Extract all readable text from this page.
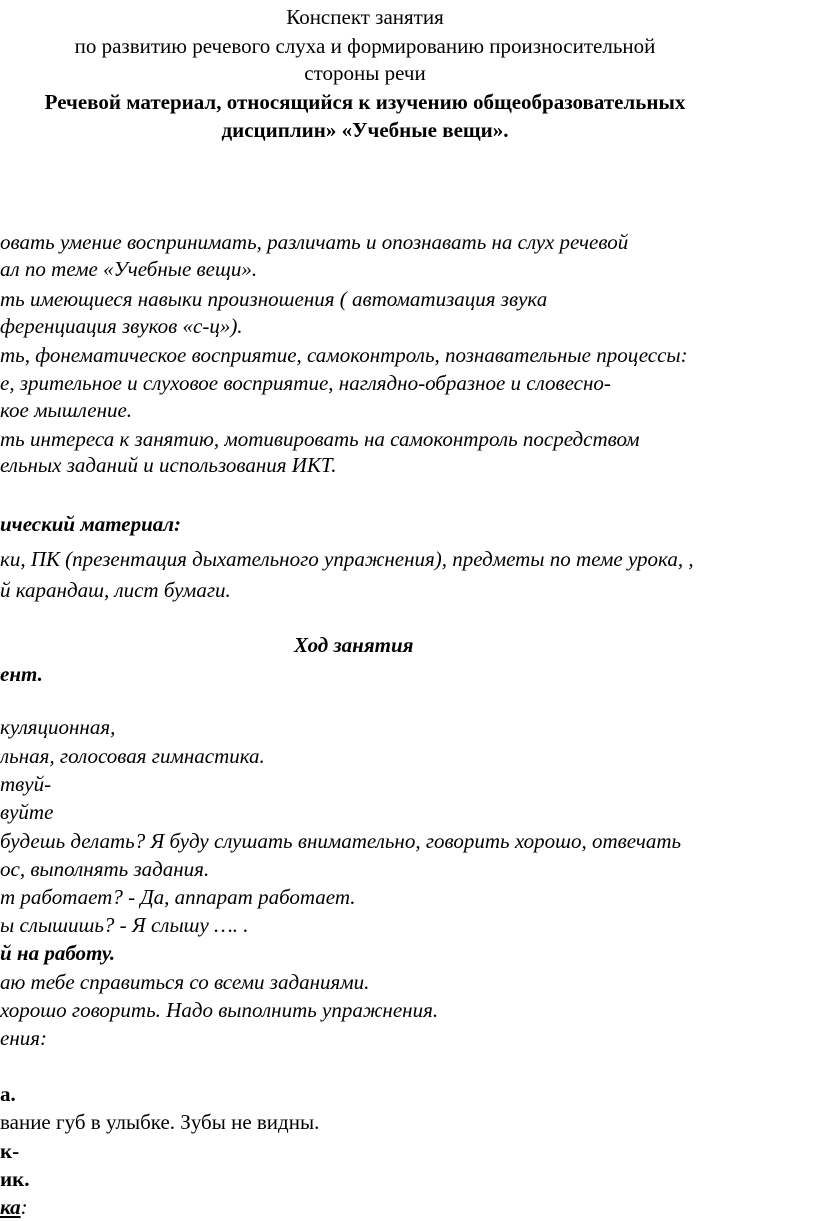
Конспект занятия
по развитию речевого слуха и формированию произносительной
стороны речи
Речевой материал, относящийся к изучению общеобразовательных
дисциплин» «Учебные вещи».
овать умение воспринимать, различать и опознавать на слух речевой
ал по теме «Учебные вещи».
ть имеющиеся навыки произношения ( автоматизация звука
ференциация звуков «с-ц»).
ть, фонематическое восприятие, самоконтроль, познавательные процессы:
е, зрительное и слуховое восприятие, наглядно-образное и словесно-
кое мышление.
ть интереса к занятию, мотивировать на самоконтроль посредством
ельных заданий и использования ИКТ.
ический материал:
ки, ПК (презентация дыхательного упражнения), предметы по теме урока, ,
й карандаш, лист бумаги.
Ход занятия
ент.
куляционная,
льная, голосовая гимнастика.
твуй-
вуйте
будешь делать? Я буду слушать внимательно, говорить хорошо, отвечать
ос, выполнять задания.
т работает? - Да, аппарат работает.
ы слышишь? - Я слышу …. .
й на работу.
аю тебе справиться со всеми заданиями.
хорошо говорить. Надо выполнить упражнения.
ения:
а.
вание губ в улыбке. Зубы не видны.
к-
ик.
ка:
